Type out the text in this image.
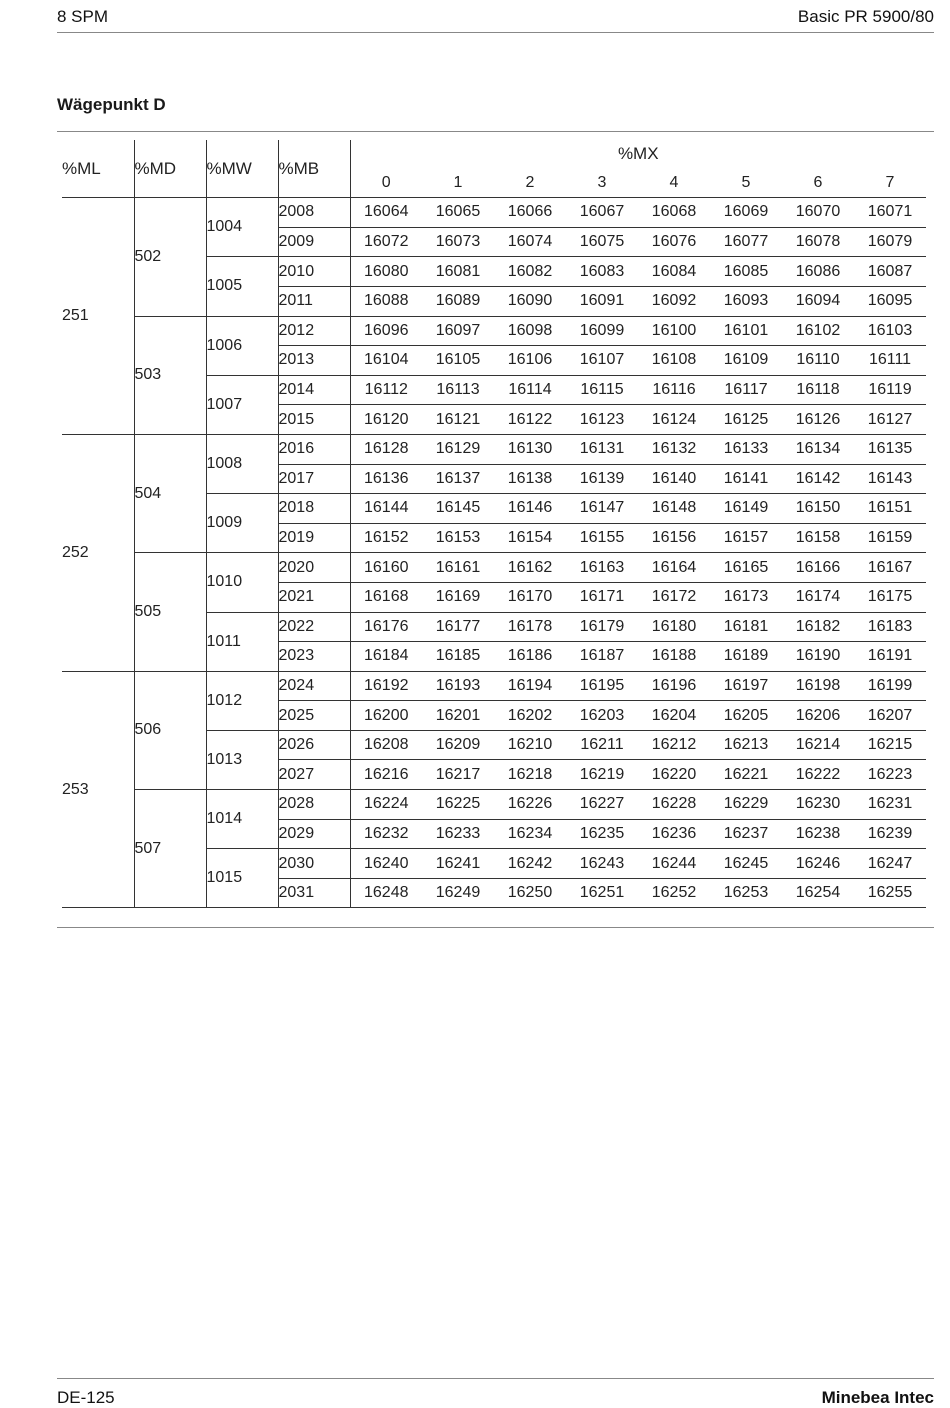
8 SPM	Basic PR 5900/80
Wägepunkt D
%ML	%MD	%MW	%MB	%MX							
				0	1	2	3	4	5	6	7
251	502	1004	2008	16064	16065	16066	16067	16068	16069	16070	16071
			2009	16072	16073	16074	16075	16076	16077	16078	16079
		1005	2010	16080	16081	16082	16083	16084	16085	16086	16087
			2011	16088	16089	16090	16091	16092	16093	16094	16095
	503	1006	2012	16096	16097	16098	16099	16100	16101	16102	16103
			2013	16104	16105	16106	16107	16108	16109	16110	16111
		1007	2014	16112	16113	16114	16115	16116	16117	16118	16119
			2015	16120	16121	16122	16123	16124	16125	16126	16127
252	504	1008	2016	16128	16129	16130	16131	16132	16133	16134	16135
			2017	16136	16137	16138	16139	16140	16141	16142	16143
		1009	2018	16144	16145	16146	16147	16148	16149	16150	16151
			2019	16152	16153	16154	16155	16156	16157	16158	16159
	505	1010	2020	16160	16161	16162	16163	16164	16165	16166	16167
			2021	16168	16169	16170	16171	16172	16173	16174	16175
		1011	2022	16176	16177	16178	16179	16180	16181	16182	16183
			2023	16184	16185	16186	16187	16188	16189	16190	16191
253	506	1012	2024	16192	16193	16194	16195	16196	16197	16198	16199
			2025	16200	16201	16202	16203	16204	16205	16206	16207
		1013	2026	16208	16209	16210	16211	16212	16213	16214	16215
			2027	16216	16217	16218	16219	16220	16221	16222	16223
	507	1014	2028	16224	16225	16226	16227	16228	16229	16230	16231
			2029	16232	16233	16234	16235	16236	16237	16238	16239
		1015	2030	16240	16241	16242	16243	16244	16245	16246	16247
			2031	16248	16249	16250	16251	16252	16253	16254	16255
DE-125	Minebea Intec
